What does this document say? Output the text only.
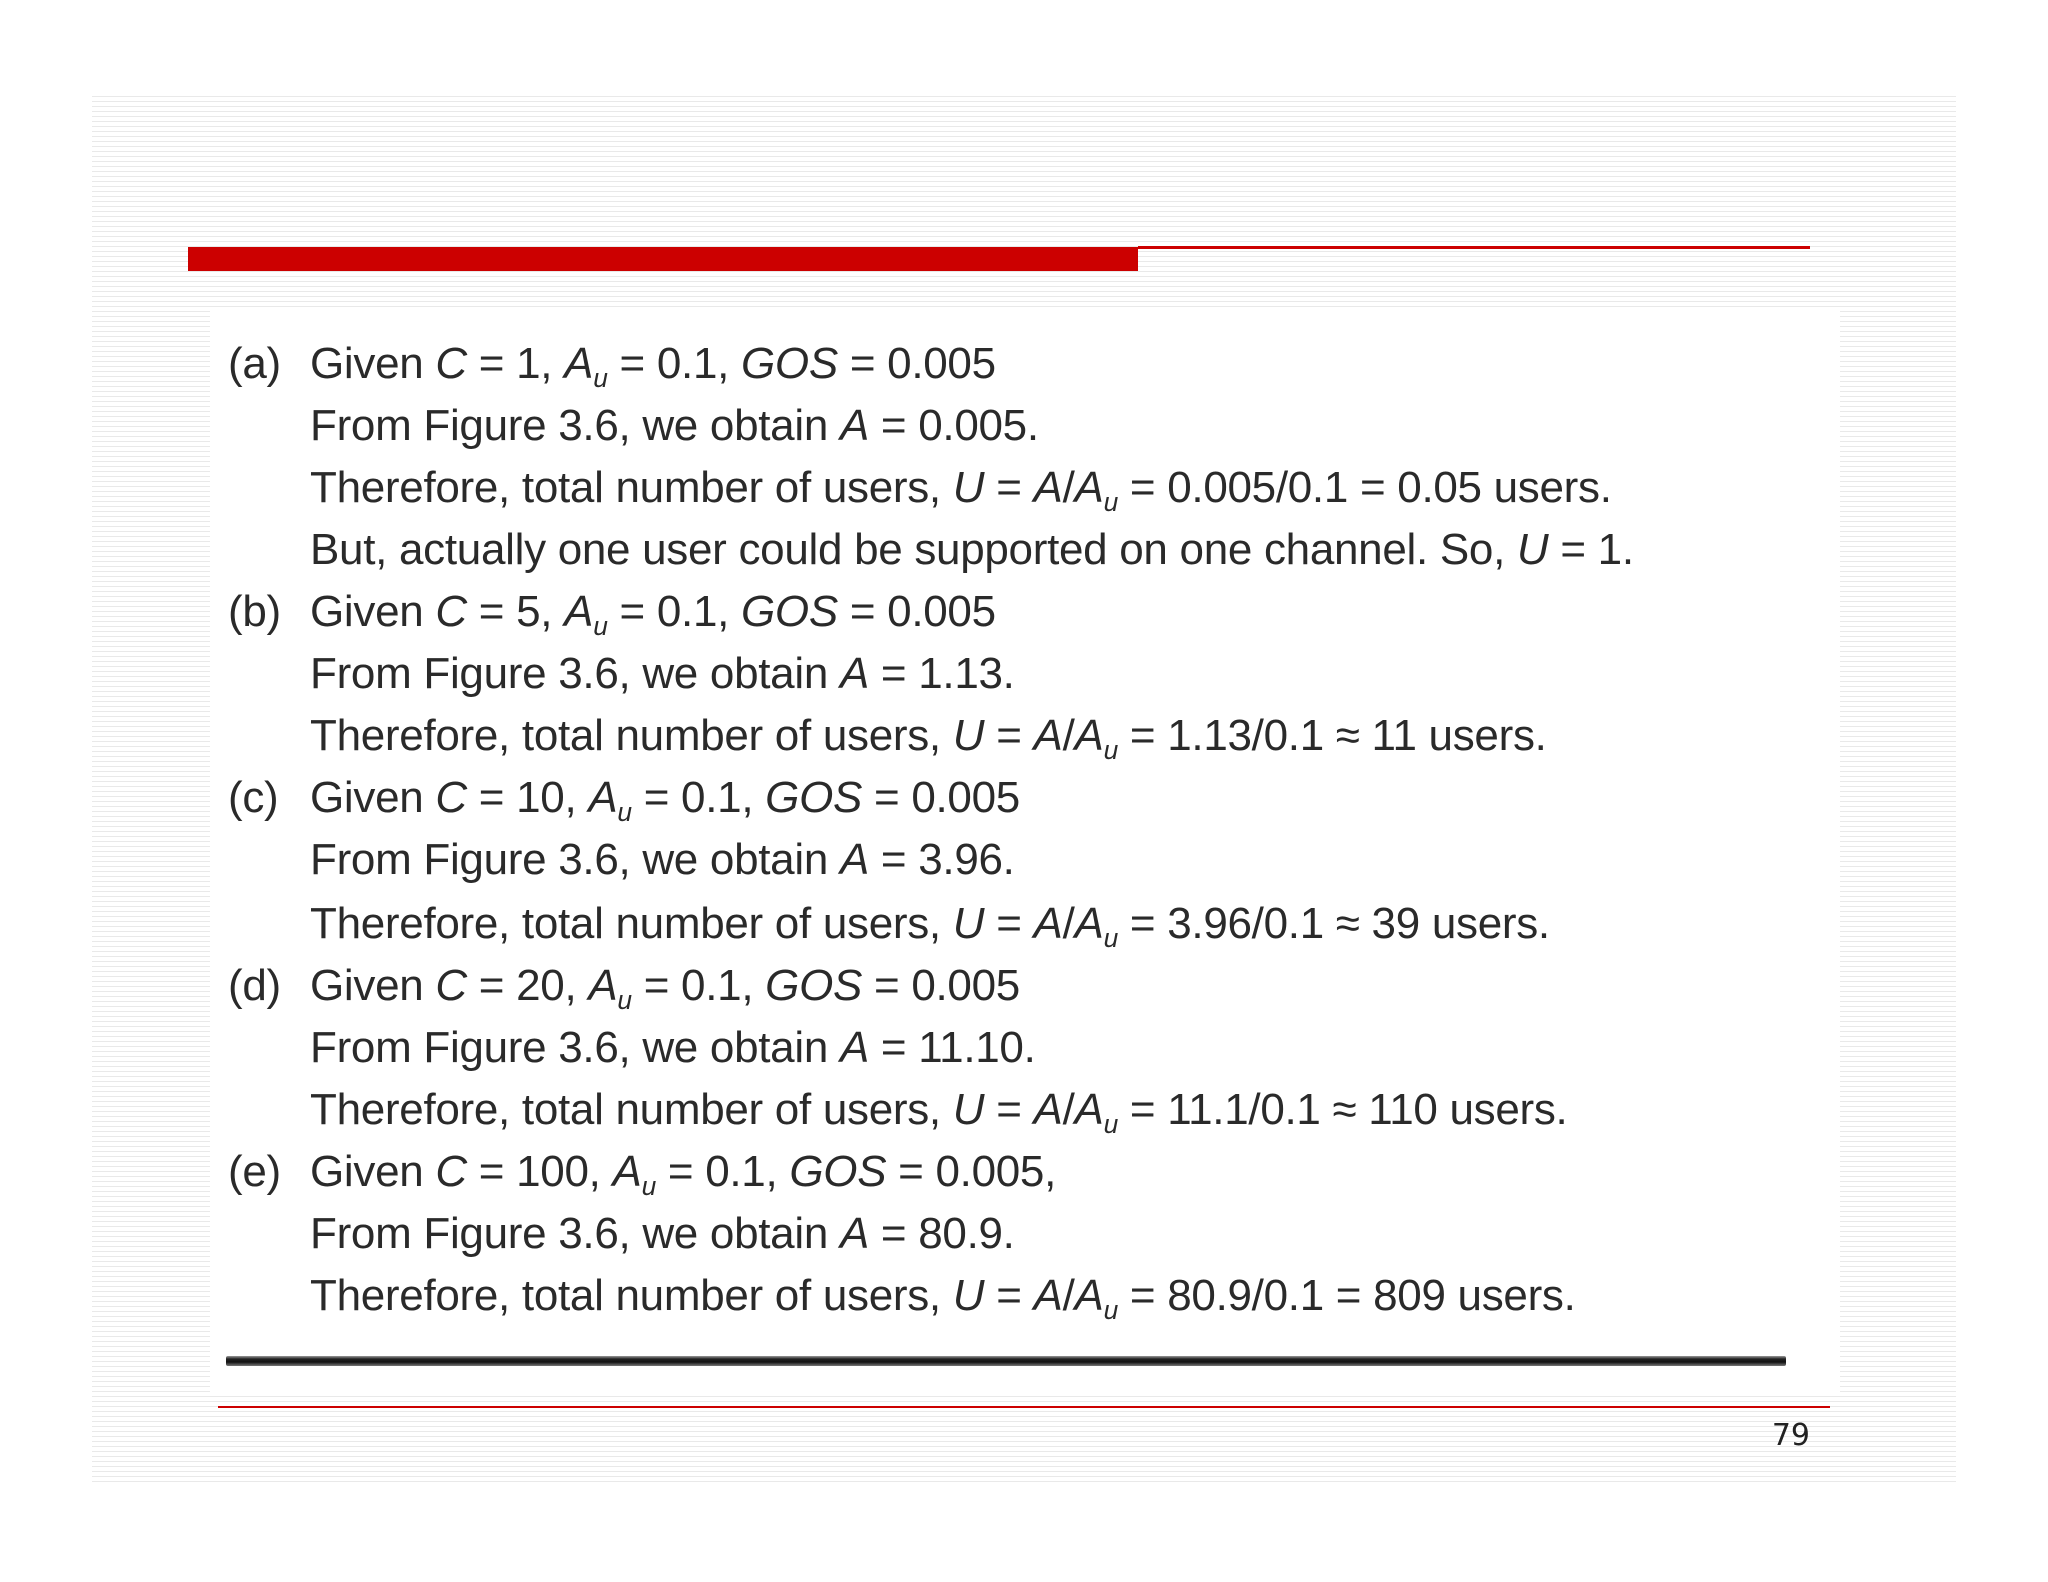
(a) Given C = 1, $A_u = 0.1$, GOS = 0.005
From Figure 3.6, we obtain A = 0.005.
Therefore, total number of users, $U = A/A_u = 0.005/0.1 = 0.05$ users.
But, actually one user could be supported on one channel. So, U = 1.
(b) Given C = 5, $A_u = 0.1$, GOS = 0.005
From Figure 3.6, we obtain A = 1.13.
Therefore, total number of users, $U = A/A_u = 1.13/0.1 \approx 11$ users.
(c) Given C = 10, $A_u = 0.1$, GOS = 0.005
From Figure 3.6, we obtain A = 3.96.
Therefore, total number of users, $U = A/A_u = 3.96/0.1 \approx 39$ users.
(d) Given C = 20, $A_u = 0.1$, GOS = 0.005
From Figure 3.6, we obtain A = 11.10.
Therefore, total number of users, $U = A/A_u = 11.1/0.1 \approx 110$ users.
(e) Given C = 100, $A_u = 0.1$, GOS = 0.005,
From Figure 3.6, we obtain A = 80.9.
Therefore, total number of users, $U = A/A_u = 80.9/0.1 = 809$ users.
79
